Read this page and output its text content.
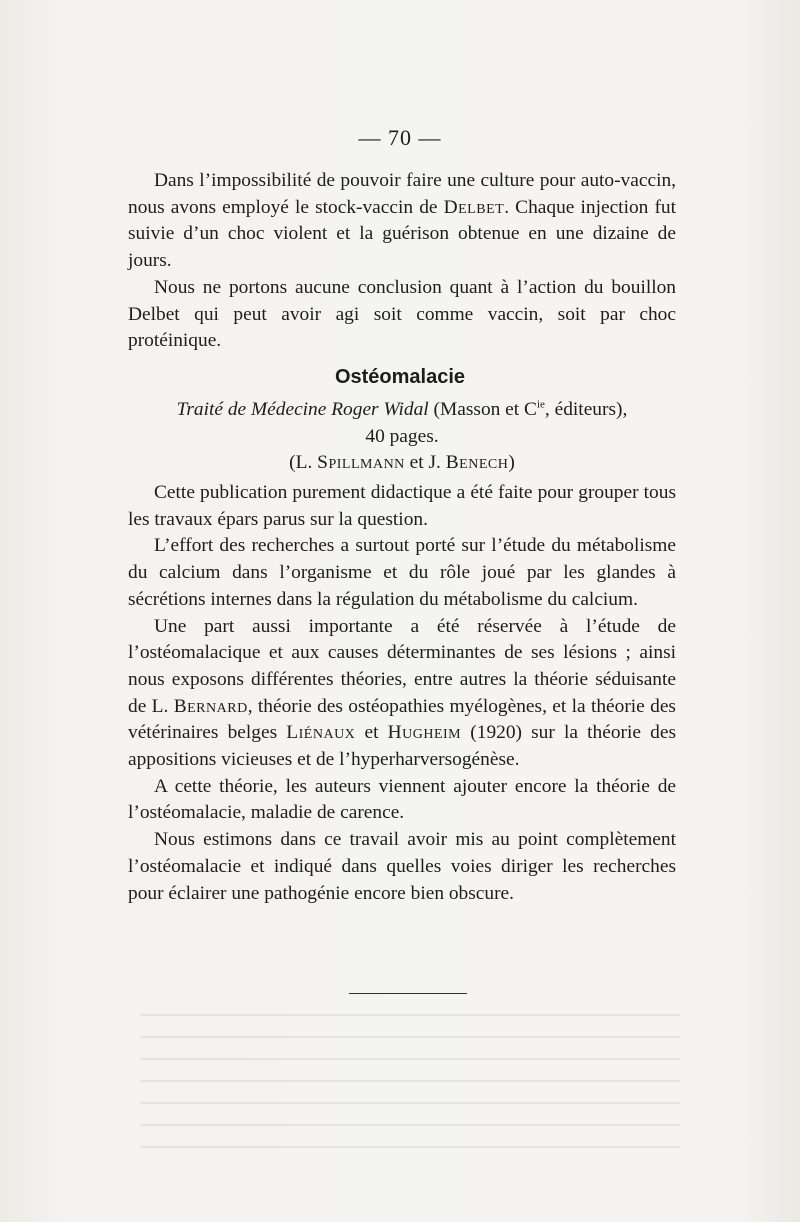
— 70 —

Dans l’impossibilité de pouvoir faire une culture pour auto-vaccin, nous avons employé le stock-vaccin de Delbet. Chaque injection fut suivie d’un choc violent et la guérison obtenue en une dizaine de jours.

Nous ne portons aucune conclusion quant à l’action du bouillon Delbet qui peut avoir agi soit comme vaccin, soit par choc protéinique.

Ostéomalacie
Traité de Médecine Roger Widal (Masson et $C^{ie}$, éditeurs),
40 pages.
(L. Spillmann et J. Benech)

Cette publication purement didactique a été faite pour grouper tous les travaux épars parus sur la question.

L’effort des recherches a surtout porté sur l’étude du métabolisme du calcium dans l’organisme et du rôle joué par les glandes à sécrétions internes dans la régulation du métabolisme du calcium.

Une part aussi importante a été réservée à l’étude de l’ostéomalacique et aux causes déterminantes de ses lésions ; ainsi nous exposons différentes théories, entre autres la théorie séduisante de L. Bernard, théorie des ostéopathies myélogènes, et la théorie des vétérinaires belges Liénaux et Hugheim (1920) sur la théorie des appositions vicieuses et de l’hyperharversogénèse.

A cette théorie, les auteurs viennent ajouter encore la théorie de l’ostéomalacie, maladie de carence.

Nous estimons dans ce travail avoir mis au point complètement l’ostéomalacie et indiqué dans quelles voies diriger les recherches pour éclairer une pathogénie encore bien obscure.
